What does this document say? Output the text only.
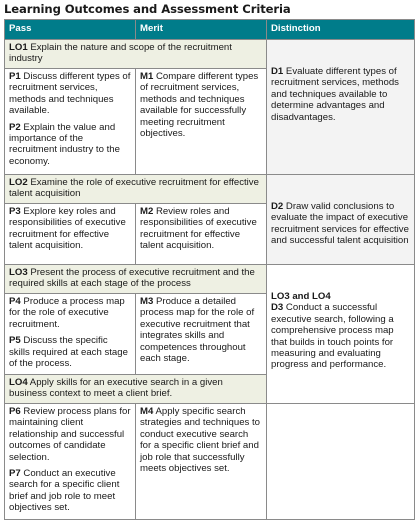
Learning Outcomes and Assessment Criteria
Pass	Merit	Distinction
LO1 Explain the nature and scope of the recruitment industry		D1 Evaluate different types of recruitment services, methods and techniques available to determine advantages and disadvantages.

P1 Discuss different types of recruitment services, methods and techniques available.

P2 Explain the value and importance of the recruitment industry to the economy.	M1 Compare different types of recruitment services, methods and techniques available for successfully meeting recruitment objectives.	
LO2 Examine the role of executive recruitment for effective talent acquisition		D2 Draw valid conclusions to evaluate the impact of executive recruitment services for effective and successful talent acquisition
P3 Explore key roles and responsibilities of executive recruitment for effective talent acquisition.	M2 Review roles and responsibilities of executive recruitment for effective talent acquisition.	
LO3 Present the process of executive recruitment and the required skills at each stage of the process		LO3 and LO4
D3 Conduct a successful executive search, following a comprehensive process map that builds in touch points for measuring and evaluating progress and performance.

P4 Produce a process map for the role of executive recruitment.

P5 Discuss the specific skills required at each stage of the process.	M3 Produce a detailed process map for the role of executive recruitment that integrates skills and competences throughout each stage.	
LO4 Apply skills for an executive search in a given business context to meet a client brief.		

P6 Review process plans for maintaining client relationship and successful outcomes of candidate selection.

P7 Conduct an executive search for a specific client brief and job role to meet objectives set.	M4 Apply specific search strategies and techniques to conduct executive search for a specific client brief and job role that successfully meets objectives set.	
